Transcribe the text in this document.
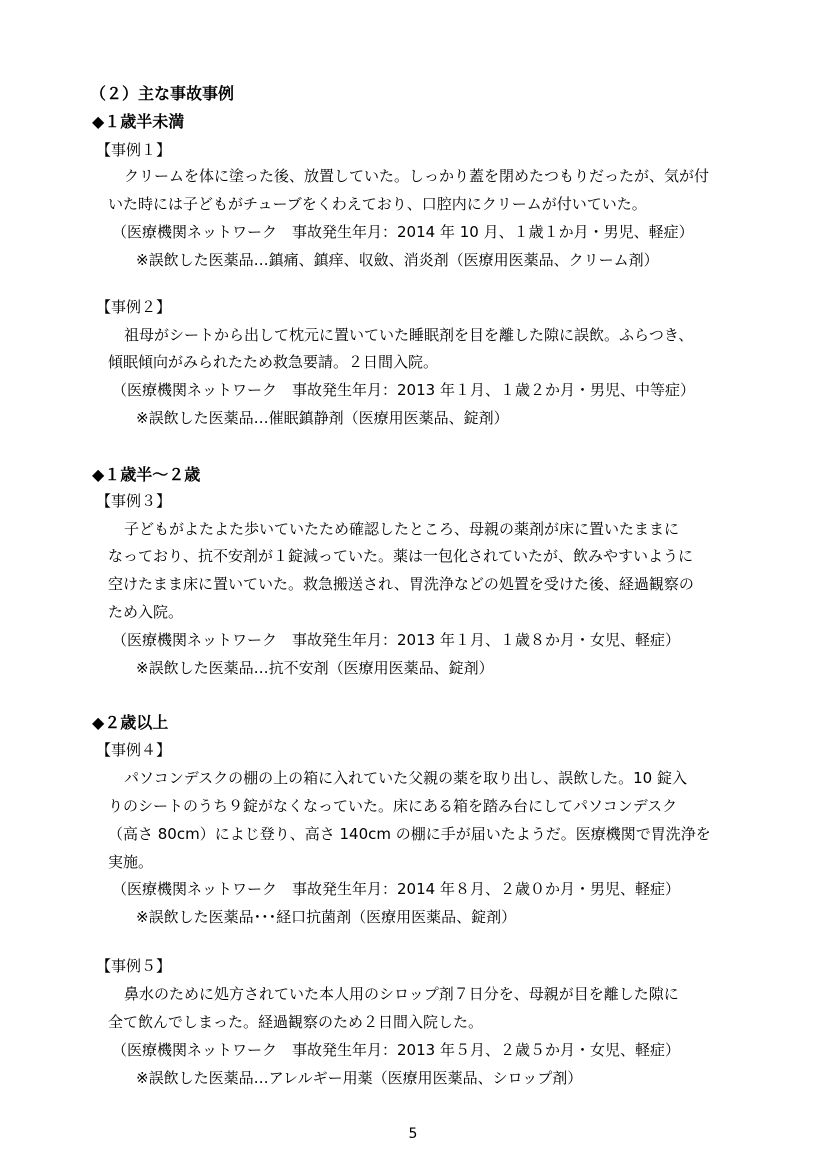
（２）主な事故事例
◆１歳半未満
【事例１】
クリームを体に塗った後、放置していた。しっかり蓋を閉めたつもりだったが、気が付
いた時には子どもがチューブをくわえており、口腔内にクリームが付いていた。
（医療機関ネットワーク　事故発生年月：2014 年 10 月、１歳１か月・男児、軽症）
※誤飲した医薬品…鎮痛、鎮痒、収斂、消炎剤（医療用医薬品、クリーム剤）
【事例２】
祖母がシートから出して枕元に置いていた睡眠剤を目を離した隙に誤飲。ふらつき、
傾眠傾向がみられたため救急要請。２日間入院。
（医療機関ネットワーク　事故発生年月：2013 年１月、１歳２か月・男児、中等症）
※誤飲した医薬品…催眠鎮静剤（医療用医薬品、錠剤）
◆１歳半～２歳
【事例３】
子どもがよたよた歩いていたため確認したところ、母親の薬剤が床に置いたままに
なっており、抗不安剤が１錠減っていた。薬は一包化されていたが、飲みやすいように
空けたまま床に置いていた。救急搬送され、胃洗浄などの処置を受けた後、経過観察の
ため入院。
（医療機関ネットワーク　事故発生年月：2013 年１月、１歳８か月・女児、軽症）
※誤飲した医薬品…抗不安剤（医療用医薬品、錠剤）
◆２歳以上
【事例４】
パソコンデスクの棚の上の箱に入れていた父親の薬を取り出し、誤飲した。10 錠入
りのシートのうち９錠がなくなっていた。床にある箱を踏み台にしてパソコンデスク
（高さ 80cm）によじ登り、高さ 140cm の棚に手が届いたようだ。医療機関で胃洗浄を
実施。
（医療機関ネットワーク　事故発生年月：2014 年８月、２歳０か月・男児、軽症）
※誤飲した医薬品･･･経口抗菌剤（医療用医薬品、錠剤）
【事例５】
鼻水のために処方されていた本人用のシロップ剤７日分を、母親が目を離した隙に
全て飲んでしまった。経過観察のため２日間入院した。
（医療機関ネットワーク　事故発生年月：2013 年５月、２歳５か月・女児、軽症）
※誤飲した医薬品…アレルギー用薬（医療用医薬品、シロップ剤）
5
